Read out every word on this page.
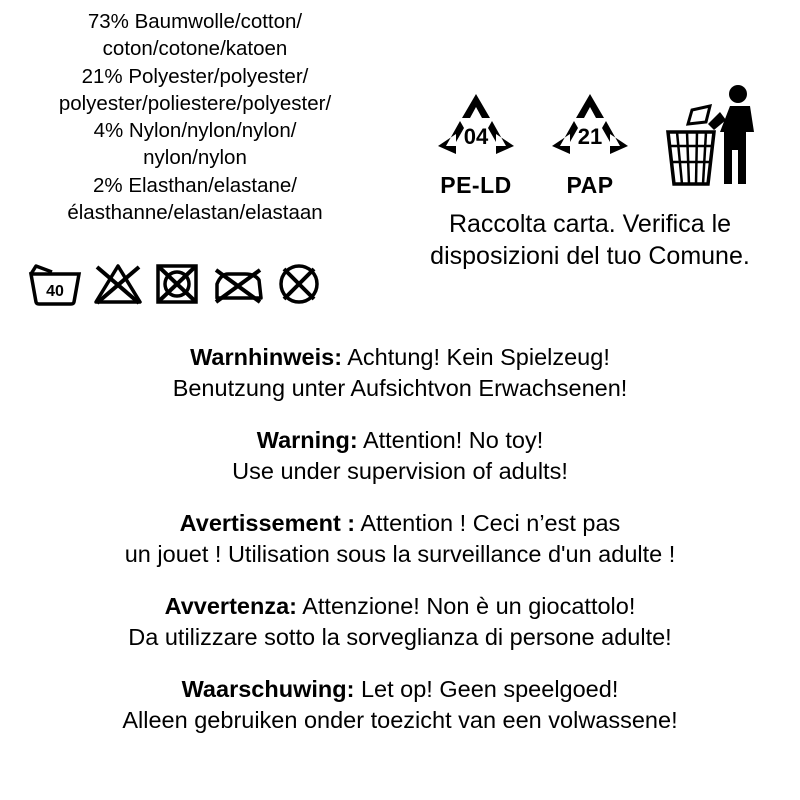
73% Baumwolle/cotton/
coton/cotone/katoen
21% Polyester/polyester/
polyester/poliestere/polyester/
4% Nylon/nylon/nylon/
nylon/nylon
2% Elasthan/elastane/
élasthanne/elastan/elastaan
40
04
PE-LD
21
PAP
Raccolta carta. Verifica le
disposizioni del tuo Comune.
Warnhinweis: Achtung! Kein Spielzeug!
Benutzung unter Aufsichtvon Erwachsenen!
Warning: Attention! No toy!
Use under supervision of adults!
Avertissement : Attention ! Ceci n’est pas
un jouet ! Utilisation sous la surveillance d'un adulte !
Avvertenza: Attenzione! Non è un giocattolo!
Da utilizzare sotto la sorveglianza di persone adulte!
Waarschuwing: Let op! Geen speelgoed!
Alleen gebruiken onder toezicht van een volwassene!
